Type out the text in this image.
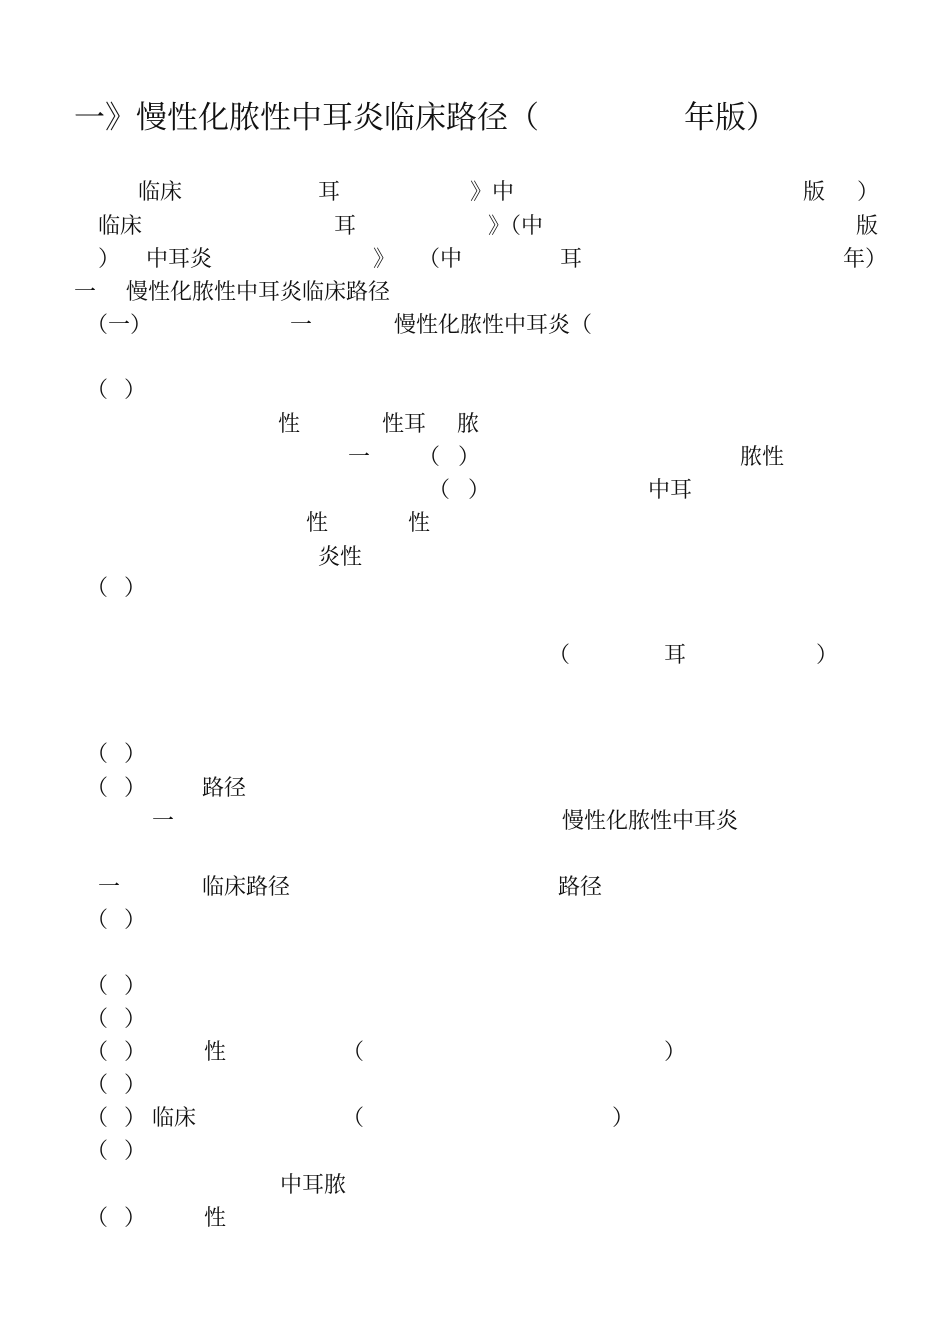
一》慢性化脓性中耳炎临床路径（	年版）
临床	耳	》中	版 ）
临床	耳	》（中	版
） 中耳炎	》 （中	耳	年）
一 慢性化脓性中耳炎临床路径
（一）	一	慢性化脓性中耳炎（
（ ）
性	性耳 脓
一 （ ）	脓性
（ ）	中耳
性	性
炎性
（ ）
（	耳	）
（ ）
（ ）	路径
一	慢性化脓性中耳炎
一	临床路径	路径
（ ）
（ ）
（ ）
（ ）	性	（	）
（ ）
（ ） 临床	（	）
（ ）
中耳脓
（ ）	性
